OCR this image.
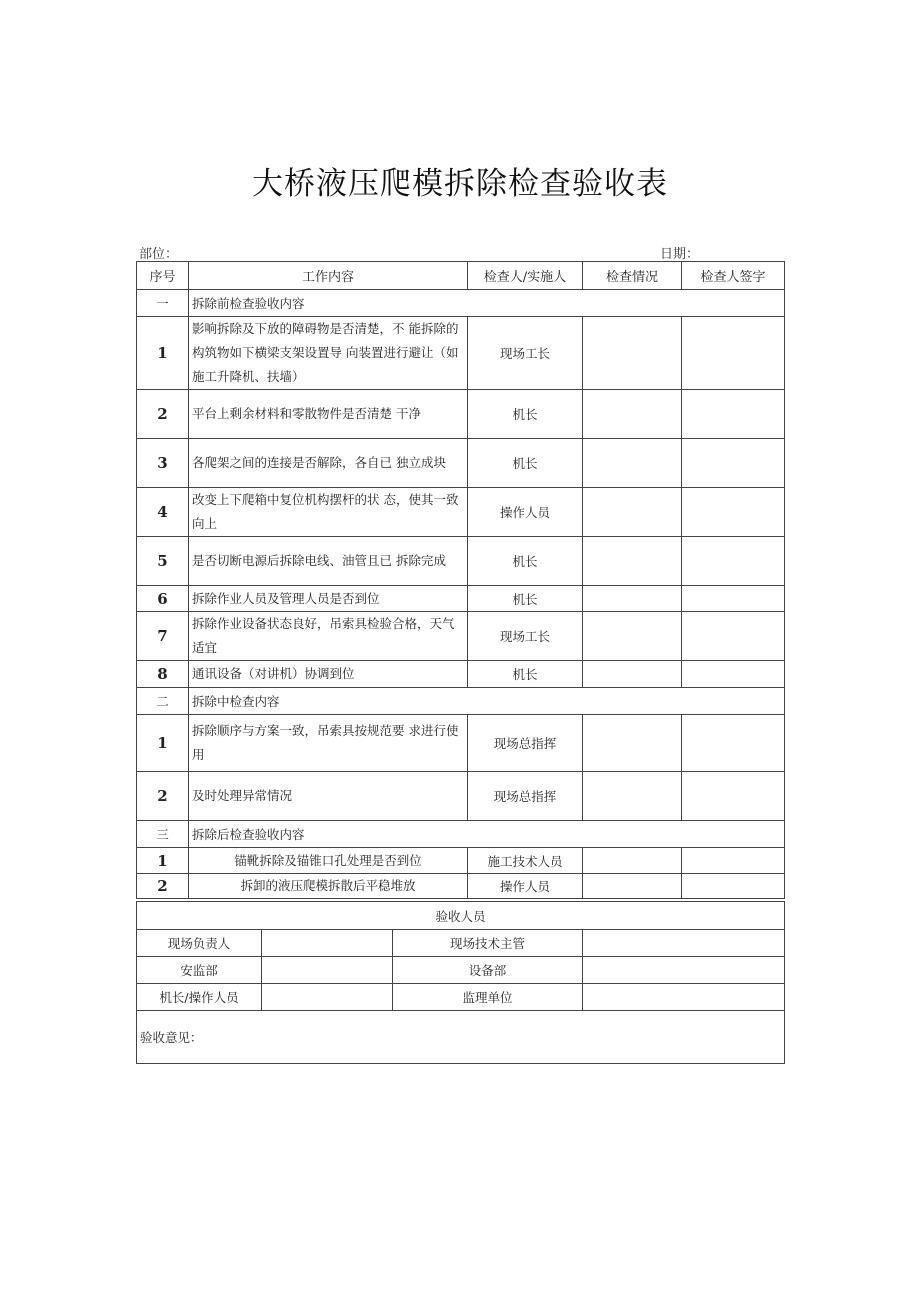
大桥液压爬模拆除检查验收表
部位：	日期：
序号	工作内容	检查人/实施人	检查情况	检查人签字
一	拆除前检查验收内容			
1	影响拆除及下放的障碍物是否清楚，不 能拆除的构筑物如下横梁支架设置导 向装置进行避让（如施工升降机、扶墙）	现场工长		
2	平台上剩余材料和零散物件是否清楚 干净	机长		
3	各爬架之间的连接是否解除，各自已 独立成块	机长		
4	改变上下爬箱中复位机构摆杆的状 态，使其一致向上	操作人员		
5	是否切断电源后拆除电线、油管且已 拆除完成	机长		
6	拆除作业人员及管理人员是否到位	机长		
7	拆除作业设备状态良好，吊索具检验合格，天气适宜	现场工长		
8	通讯设备（对讲机）协调到位	机长		
二	拆除中检查内容			
1	拆除顺序与方案一致，吊索具按规范要 求进行使用	现场总指挥		
2	及时处理异常情况	现场总指挥		
三	拆除后检查验收内容			
1	锚靴拆除及锚锥口孔处理是否到位	施工技术人员		
2	拆卸的液压爬模拆散后平稳堆放	操作人员		
验收人员			
现场负责人		现场技术主管	
安监部		设备部	
机长/操作人员		监理单位	
验收意见：			
